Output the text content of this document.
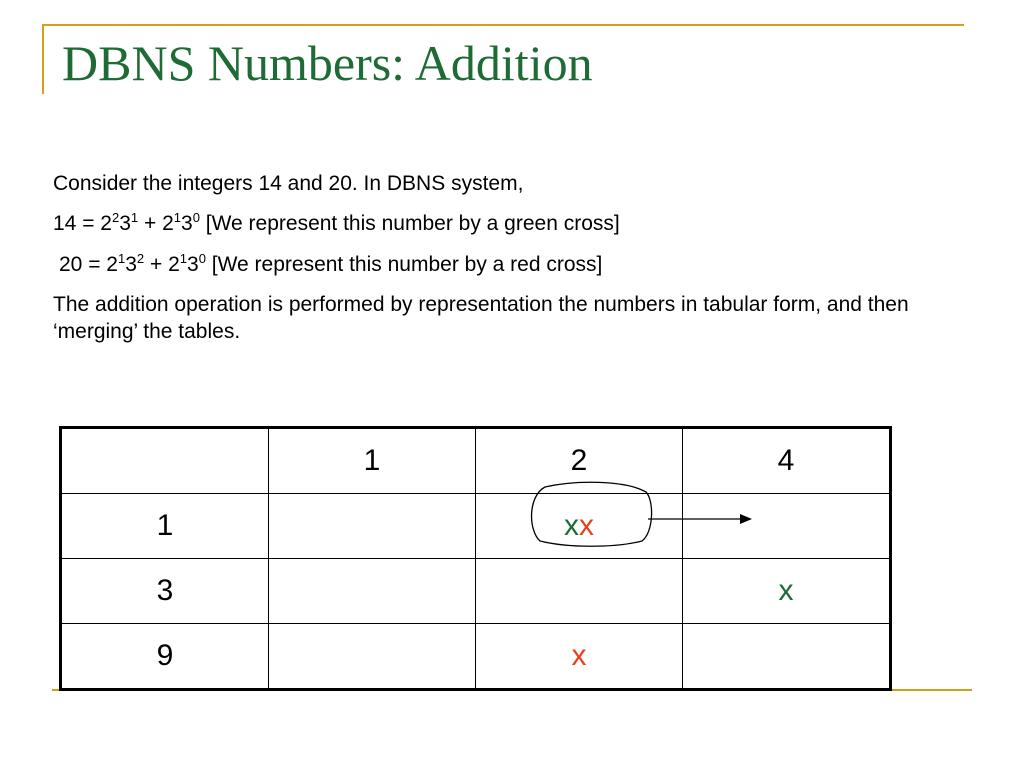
DBNS Numbers: Addition

Consider the integers 14 and 20. In DBNS system,

$14 = 2^23^1 + 2^13^0$ [We represent this number by a green cross]

$20 = 2^13^2 + 2^13^0$ [We represent this number by a red cross]

The addition operation is performed by representation the numbers in tabular form, and then ‘merging’ the tables.

	1	2	4
1		xx	
3			x
9		x	
